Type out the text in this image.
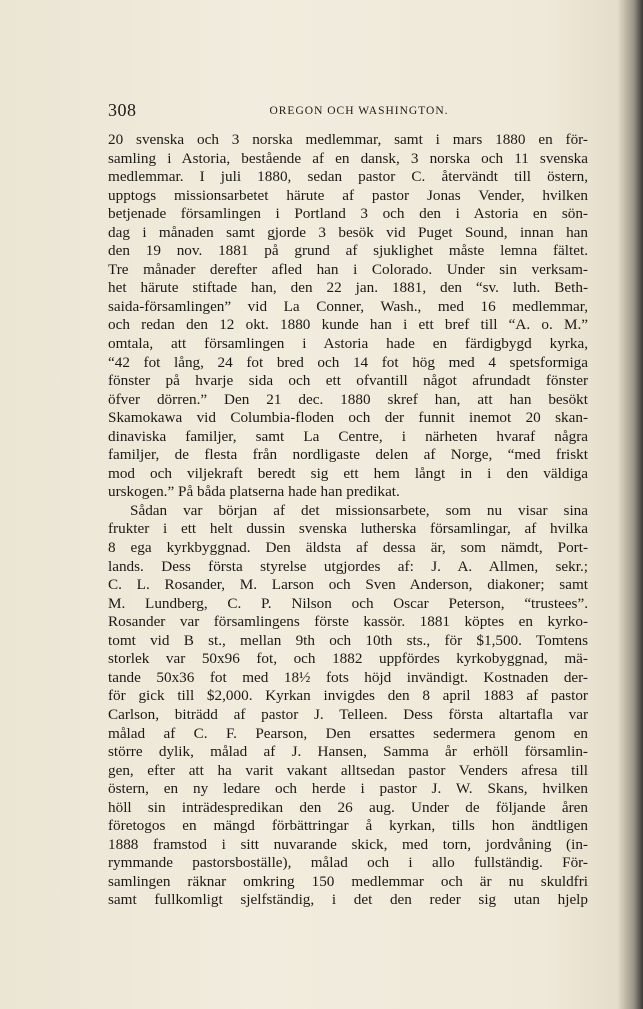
308	OREGON OCH WASHINGTON.
20 svenska och 3 norska medlemmar, samt i mars 1880 en för-
samling i Astoria, bestående af en dansk, 3 norska och 11 svenska
medlemmar. I juli 1880, sedan pastor C. återvändt till östern,
upptogs missionsarbetet härute af pastor Jonas Vender, hvilken
betjenade församlingen i Portland 3 och den i Astoria en sön-
dag i månaden samt gjorde 3 besök vid Puget Sound, innan han
den 19 nov. 1881 på grund af sjuklighet måste lemna fältet.
Tre månader derefter afled han i Colorado. Under sin verksam-
het härute stiftade han, den 22 jan. 1881, den “sv. luth. Beth-
saida-församlingen” vid La Conner, Wash., med 16 medlemmar,
och redan den 12 okt. 1880 kunde han i ett bref till “A. o. M.”
omtala, att församlingen i Astoria hade en färdigbygd kyrka,
“42 fot lång, 24 fot bred och 14 fot hög med 4 spetsformiga
fönster på hvarje sida och ett ofvantill något afrundadt fönster
öfver dörren.” Den 21 dec. 1880 skref han, att han besökt
Skamokawa vid Columbia-floden och der funnit inemot 20 skan-
dinaviska familjer, samt La Centre, i närheten hvaraf några
familjer, de flesta från nordligaste delen af Norge, “med friskt
mod och viljekraft beredt sig ett hem långt in i den väldiga
urskogen.” På båda platserna hade han predikat.
Sådan var början af det missionsarbete, som nu visar sina
frukter i ett helt dussin svenska lutherska församlingar, af hvilka
8 ega kyrkbyggnad. Den äldsta af dessa är, som nämdt, Port-
lands. Dess första styrelse utgjordes af: J. A. Allmen, sekr.;
C. L. Rosander, M. Larson och Sven Anderson, diakoner; samt
M. Lundberg, C. P. Nilson och Oscar Peterson, “trustees”.
Rosander var församlingens förste kassör. 1881 köptes en kyrko-
tomt vid B st., mellan 9th och 10th sts., för $1,500. Tomtens
storlek var 50x96 fot, och 1882 uppfördes kyrkobyggnad, mä-
tande 50x36 fot med 18½ fots höjd invändigt. Kostnaden der-
för gick till $2,000. Kyrkan invigdes den 8 april 1883 af pastor
Carlson, biträdd af pastor J. Telleen. Dess första altartafla var
målad af C. F. Pearson, Den ersattes sedermera genom en
större dylik, målad af J. Hansen, Samma år erhöll församlin-
gen, efter att ha varit vakant alltsedan pastor Venders afresa till
östern, en ny ledare och herde i pastor J. W. Skans, hvilken
höll sin inträdespredikan den 26 aug. Under de följande åren
företogos en mängd förbättringar å kyrkan, tills hon ändtligen
1888 framstod i sitt nuvarande skick, med torn, jordvåning (in-
rymmande pastorsboställe), målad och i allo fullständig. För-
samlingen räknar omkring 150 medlemmar och är nu skuldfri
samt fullkomligt sjelfständig, i det den reder sig utan hjelp
